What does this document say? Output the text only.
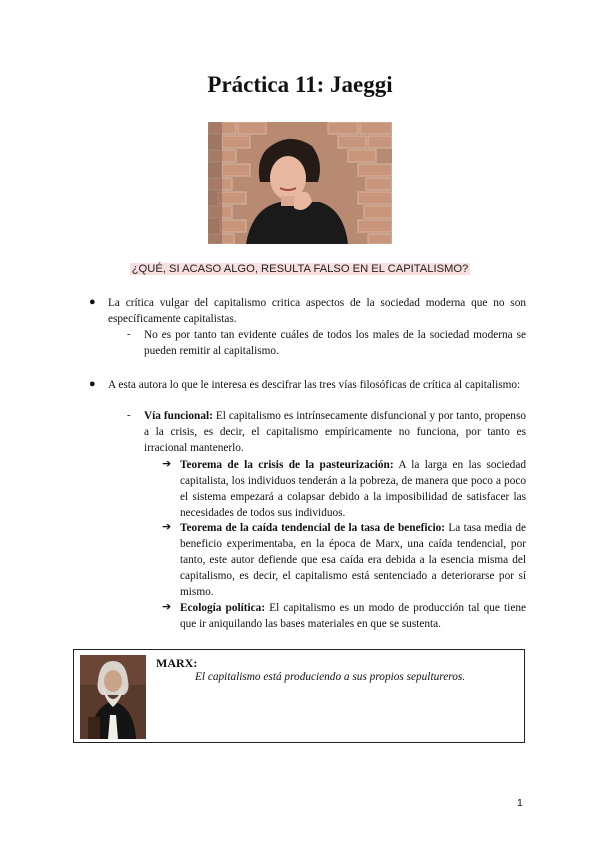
Práctica 11: Jaeggi
¿QUÉ, SI ACASO ALGO, RESULTA FALSO EN EL CAPITALISMO?
● La crítica vulgar del capitalismo critica aspectos de la sociedad moderna que no son específicamente capitalistas.
- No es por tanto tan evidente cuáles de todos los males de la sociedad moderna se pueden remitir al capitalismo.
● A esta autora lo que le interesa es descifrar las tres vías filosóficas de crítica al capitalismo:
- Vía funcional: El capitalismo es intrínsecamente disfuncional y por tanto, propenso a la crisis, es decir, el capitalismo empíricamente no funciona, por tanto es irracional mantenerlo.
➔ Teorema de la crisis de la pasteurización: A la larga en las sociedad capitalista, los individuos tenderán a la pobreza, de manera que poco a poco el sistema empezará a colapsar debido a la imposibilidad de satisfacer las necesidades de todos sus individuos.
➔ Teorema de la caída tendencial de la tasa de beneficio: La tasa media de beneficio experimentaba, en la época de Marx, una caída tendencial, por tanto, este autor defiende que esa caída era debida a la esencia misma del capitalismo, es decir, el capitalismo está sentenciado a deteriorarse por sí mismo.
➔ Ecología política: El capitalismo es un modo de producción tal que tiene que ir aniquilando las bases materiales en que se sustenta.
MARX:
El capitalismo está produciendo a sus propios sepultureros.
1
